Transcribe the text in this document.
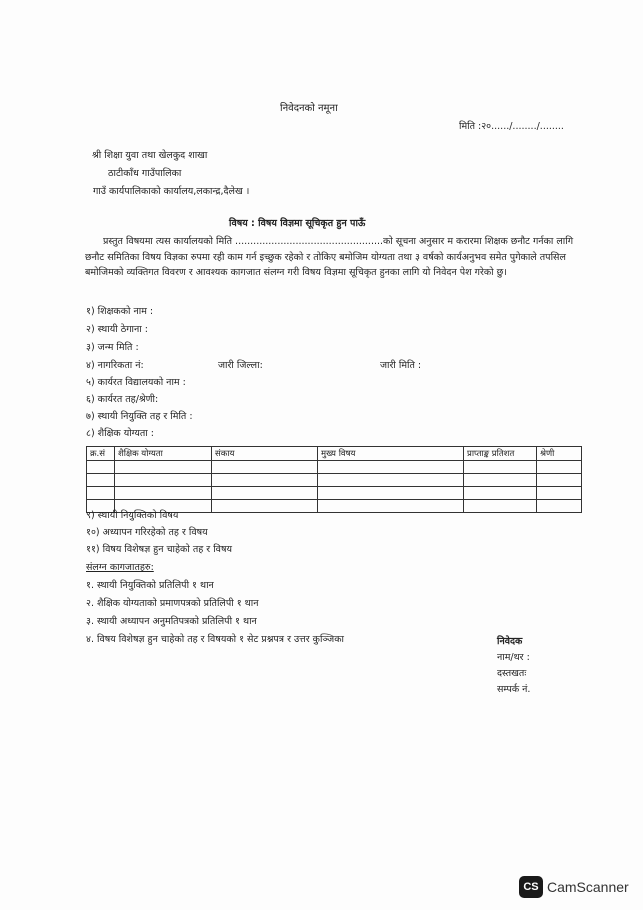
निवेदनको नमूना
मिति :२०....../......../........
श्री शिक्षा युवा तथा खेलकुद शाखा
ठाटीकाँध गाउँपालिका
गाउँ कार्यपालिकाको कार्यालय,लकान्द्र,दैलेख ।
विषय : विषय विज्ञमा सूचिकृत हुन पाऊँ
प्रस्तुत विषयमा त्यस कार्यालयको मिति .................................................को सूचना अनुसार म करारमा शिक्षक छनौट गर्नका लागि छनौट समितिका विषय विज्ञका रुपमा रही काम गर्न इच्छुक रहेको र तोकिए बमोजिम योग्यता तथा ३ वर्षको कार्यअनुभव समेत पुगेकाले तपसिल बमोजिमको व्यक्तिगत विवरण र आवश्यक कागजात संलग्न गरी विषय विज्ञमा सूचिकृत हुनका लागि यो निवेदन पेश गरेको छु।
१) शिक्षकको नाम :
२) स्थायी ठेगाना :
३) जन्म मिति :
४) नागरिकता नं:	जारी जिल्ला:	जारी मिति :
५) कार्यरत विद्यालयको नाम :
६) कार्यरत तह/श्रेणी:
७) स्थायी नियुक्ति तह र मिति :
८) शैक्षिक योग्यता :
क्र.सं	शैक्षिक योग्यता	संकाय	मुख्य विषय	प्राप्ताङ्क प्रतिशत	श्रेणी

९) स्थायी नियुक्तिको विषय
१०) अध्यापन गरिरहेको तह र विषय
११) विषय विशेषज्ञ हुन चाहेको तह र विषय
संलग्न कागजातहरु:
१. स्थायी नियुक्तिको प्रतिलिपी १ थान
२. शैक्षिक योग्यताको प्रमाणपत्रको प्रतिलिपी १ थान
३. स्थायी अध्यापन अनुमतिपत्रको प्रतिलिपी १ थान
४. विषय विशेषज्ञ हुन चाहेको तह र विषयको १ सेट प्रश्नपत्र र उत्तर कुञ्जिका	निवेदक
नाम/थर :
दस्तखतः
सम्पर्क नं.
CS CamScanner
